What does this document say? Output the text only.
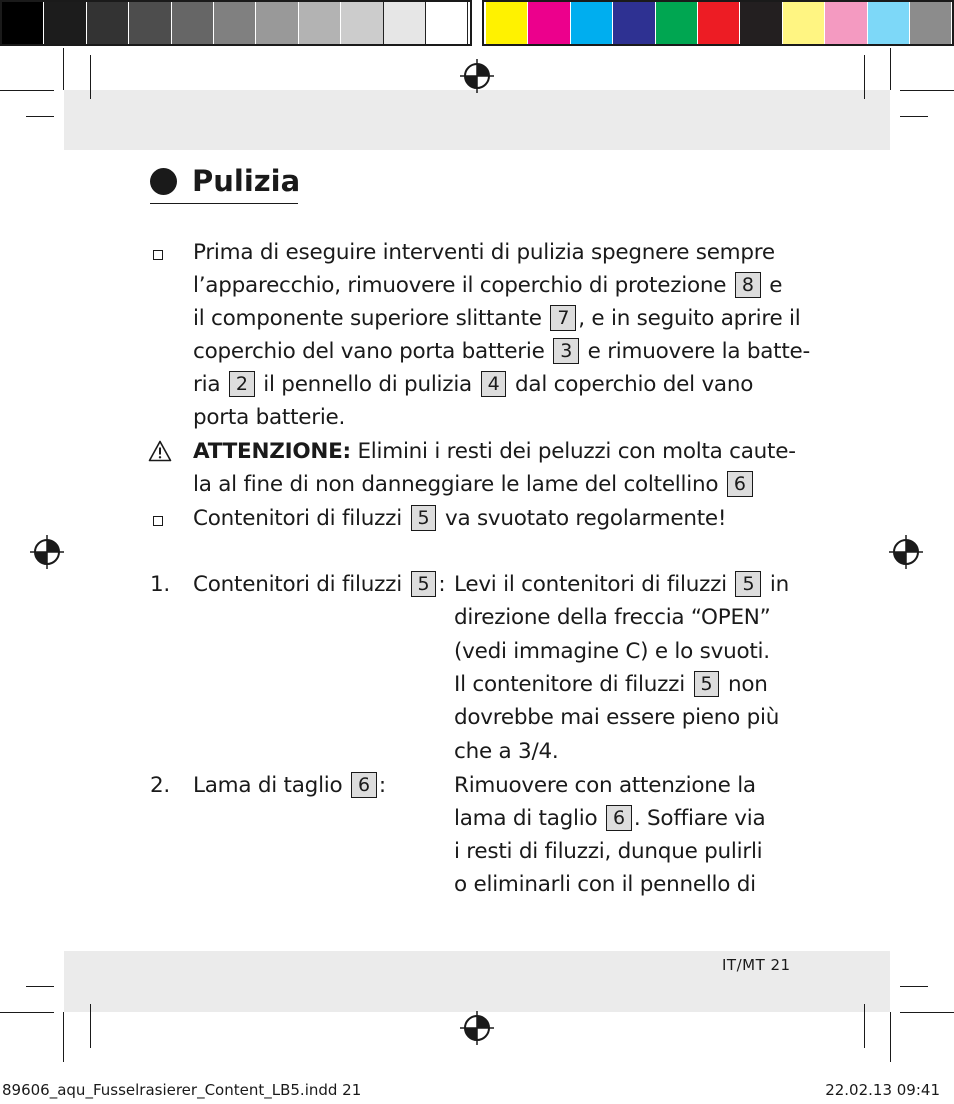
Pulizia
Prima di eseguire interventi di pulizia spegnere sempre
l’apparecchio, rimuovere il coperchio di protezione 8 e
il componente superiore slittante 7 , e in seguito aprire il
coperchio del vano porta batterie 3 e rimuovere la batte-
ria 2 il pennello di pulizia 4 dal coperchio del vano
porta batterie.
ATTENZIONE: Elimini i resti dei peluzzi con molta caute-
la al fine di non danneggiare le lame del coltellino 6
Contenitori di filuzzi 5 va svuotato regolarmente!
1. Contenitori di filuzzi 5 : Levi il contenitori di filuzzi 5 in
direzione della freccia “OPEN”
(vedi immagine C) e lo svuoti.
Il contenitore di filuzzi 5 non
dovrebbe mai essere pieno più
che a 3/4.
2. Lama di taglio 6 :	Rimuovere con attenzione la
lama di taglio 6 . Soffiare via
i resti di filuzzi, dunque pulirli
o eliminarli con il pennello di
IT/MT 21
89606_aqu_Fusselrasierer_Content_LB5.indd 21	22.02.13 09:41
